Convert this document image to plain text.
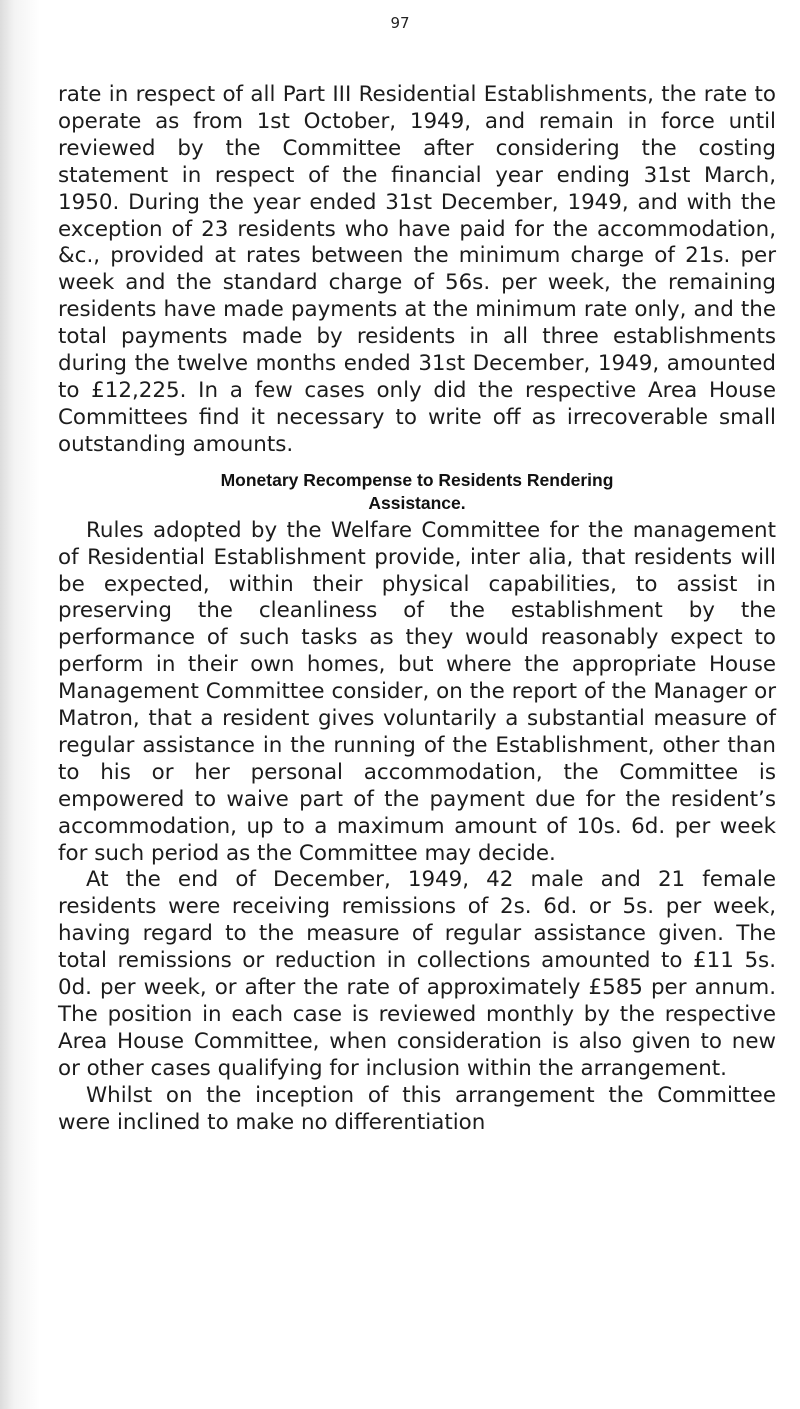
97

rate in respect of all Part III Residential Establishments, the rate to operate as from 1st October, 1949, and remain in force until reviewed by the Committee after considering the costing statement in respect of the financial year ending 31st March, 1950. During the year ended 31st December, 1949, and with the exception of 23 residents who have paid for the accommodation, &c., provided at rates between the minimum charge of 21s. per week and the standard charge of 56s. per week, the remaining residents have made payments at the minimum rate only, and the total payments made by residents in all three establishments during the twelve months ended 31st December, 1949, amounted to £12,225. In a few cases only did the respective Area House Committees find it necessary to write off as irrecoverable small outstanding amounts.

Monetary Recompense to Residents Rendering
Assistance.

Rules adopted by the Welfare Committee for the management of Residential Establishment provide, inter alia, that residents will be expected, within their physical capabilities, to assist in preserving the cleanliness of the establishment by the performance of such tasks as they would reasonably expect to perform in their own homes, but where the appropriate House Management Committee consider, on the report of the Manager or Matron, that a resident gives voluntarily a substantial measure of regular assistance in the running of the Establishment, other than to his or her personal accommodation, the Committee is empowered to waive part of the payment due for the resident’s accommodation, up to a maximum amount of 10s. 6d. per week for such period as the Committee may decide.

At the end of December, 1949, 42 male and 21 female residents were receiving remissions of 2s. 6d. or 5s. per week, having regard to the measure of regular assistance given. The total remissions or reduction in collections amounted to £11 5s. 0d. per week, or after the rate of approximately £585 per annum. The position in each case is reviewed monthly by the respective Area House Committee, when consideration is also given to new or other cases qualifying for inclusion within the arrangement.

Whilst on the inception of this arrangement the Committee were inclined to make no differentiation
